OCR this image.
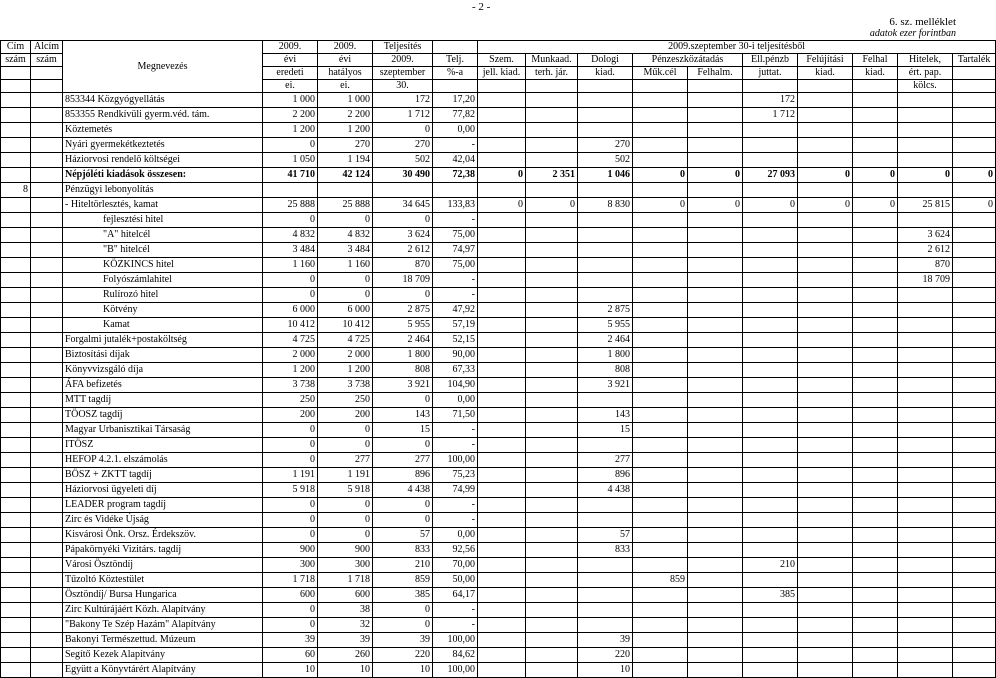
- 2 -
6. sz. melléklet
adatok ezer forintban
Cím	Alcím	Megnevezés	2009.	2009.	Teljesítés		2009.szeptember 30-i teljesítésből									
szám	szám		évi	évi	2009.	Telj.	Szem.	Munkaad.	Dologi	Pénzeszközátadás		Ell.pénzb	Felújítási	Felhal	Hitelek,	Tartalék
			eredeti	hatályos	szeptember	%-a	jell. kiad.	terh. jár.	kiad.	Műk.cél	Felhalm.	juttat.	kiad.	kiad.	ért. pap.	
			ei.	ei.	30.										kölcs.	
		853344 Közgyógyellátás	1 000	1 000	172	17,20						172				
		853355 Rendkívüli gyerm.véd. tám.	2 200	2 200	1 712	77,82						1 712				
		Köztemetés	1 200	1 200	0	0,00										
		Nyári gyermekétkeztetés	0	270	270	-			270							
		Háziorvosi rendelő költségei	1 050	1 194	502	42,04			502							
		Népjóléti kiadások összesen:	41 710	42 124	30 490	72,38	0	2 351	1 046	0	0	27 093	0	0	0	0
8		Pénzügyi lebonyolítás														
		- Hiteltörlesztés, kamat	25 888	25 888	34 645	133,83	0	0	8 830	0	0	0	0	0	25 815	0
		fejlesztési hitel	0	0	0	-										
		"A" hitelcél	4 832	4 832	3 624	75,00									3 624	
		"B" hitelcél	3 484	3 484	2 612	74,97									2 612	
		KÖZKINCS hitel	1 160	1 160	870	75,00									870	
		Folyószámlahitel	0	0	18 709	-									18 709	
		Rulírozó hitel	0	0	0	-										
		Kötvény	6 000	6 000	2 875	47,92			2 875							
		Kamat	10 412	10 412	5 955	57,19			5 955							
		Forgalmi jutalék+postaköltség	4 725	4 725	2 464	52,15			2 464							
		Biztosítási díjak	2 000	2 000	1 800	90,00			1 800							
		Könyvvizsgáló díja	1 200	1 200	808	67,33			808							
		ÁFA befizetés	3 738	3 738	3 921	104,90			3 921							
		MTT tagdíj	250	250	0	0,00										
		TÖOSZ tagdíj	200	200	143	71,50			143							
		Magyar Urbanisztikai Társaság	0	0	15	-			15							
		ITÖSZ	0	0	0	-										
		HEFOP 4.2.1. elszámolás	0	277	277	100,00			277							
		BÖSZ + ZKTT tagdíj	1 191	1 191	896	75,23			896							
		Háziorvosi ügyeleti díj	5 918	5 918	4 438	74,99			4 438							
		LEADER program tagdíj	0	0	0	-										
		Zirc és Vidéke Újság	0	0	0	-										
		Kisvárosi Önk. Orsz. Érdekszöv.	0	0	57	0,00			57							
		Pápakörnyéki Vizitárs. tagdíj	900	900	833	92,56			833							
		Városi Ösztöndíj	300	300	210	70,00						210				
		Tűzoltó Köztestület	1 718	1 718	859	50,00				859						
		Ösztöndíj/ Bursa Hungarica	600	600	385	64,17						385				
		Zirc Kultúrájáért Közh. Alapítvány	0	38	0	-										
		"Bakony Te Szép Hazám" Alapítvány	0	32	0	-										
		Bakonyi Természettud. Múzeum	39	39	39	100,00			39							
		Segítő Kezek Alapítvány	60	260	220	84,62			220							
		Együtt a Könyvtárért Alapítvány	10	10	10	100,00			10							
